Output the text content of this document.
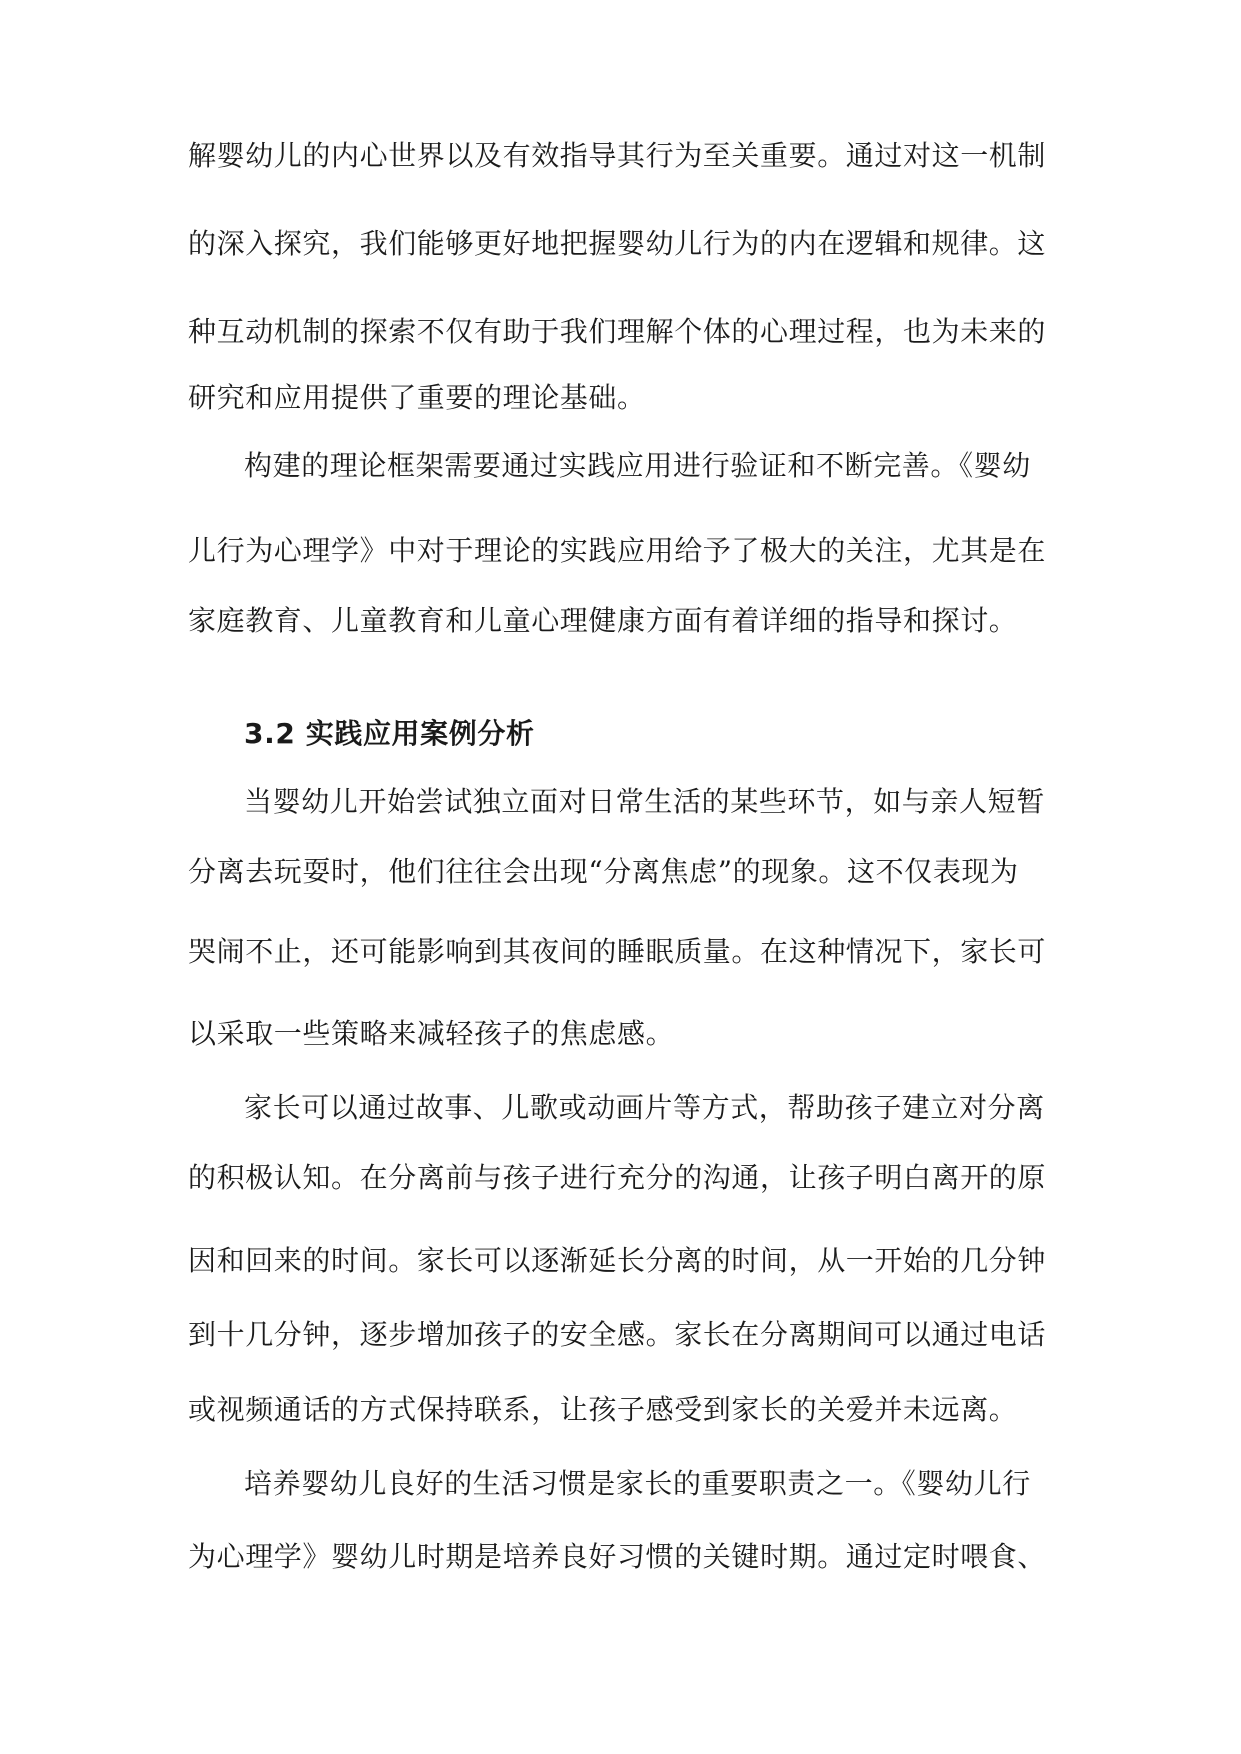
解婴幼儿的内心世界以及有效指导其行为至关重要。通过对这一机制
的深入探究，我们能够更好地把握婴幼儿行为的内在逻辑和规律。这
种互动机制的探索不仅有助于我们理解个体的心理过程，也为未来的
研究和应用提供了重要的理论基础。
构建的理论框架需要通过实践应用进行验证和不断完善。《婴幼
儿行为心理学》中对于理论的实践应用给予了极大的关注，尤其是在
家庭教育、儿童教育和儿童心理健康方面有着详细的指导和探讨。
3.2 实践应用案例分析
当婴幼儿开始尝试独立面对日常生活的某些环节，如与亲人短暂
分离去玩耍时，他们往往会出现“分离焦虑”的现象。这不仅表现为
哭闹不止，还可能影响到其夜间的睡眠质量。在这种情况下，家长可
以采取一些策略来减轻孩子的焦虑感。
家长可以通过故事、儿歌或动画片等方式，帮助孩子建立对分离
的积极认知。在分离前与孩子进行充分的沟通，让孩子明白离开的原
因和回来的时间。家长可以逐渐延长分离的时间，从一开始的几分钟
到十几分钟，逐步增加孩子的安全感。家长在分离期间可以通过电话
或视频通话的方式保持联系，让孩子感受到家长的关爱并未远离。
培养婴幼儿良好的生活习惯是家长的重要职责之一。《婴幼儿行
为心理学》婴幼儿时期是培养良好习惯的关键时期。通过定时喂食、
